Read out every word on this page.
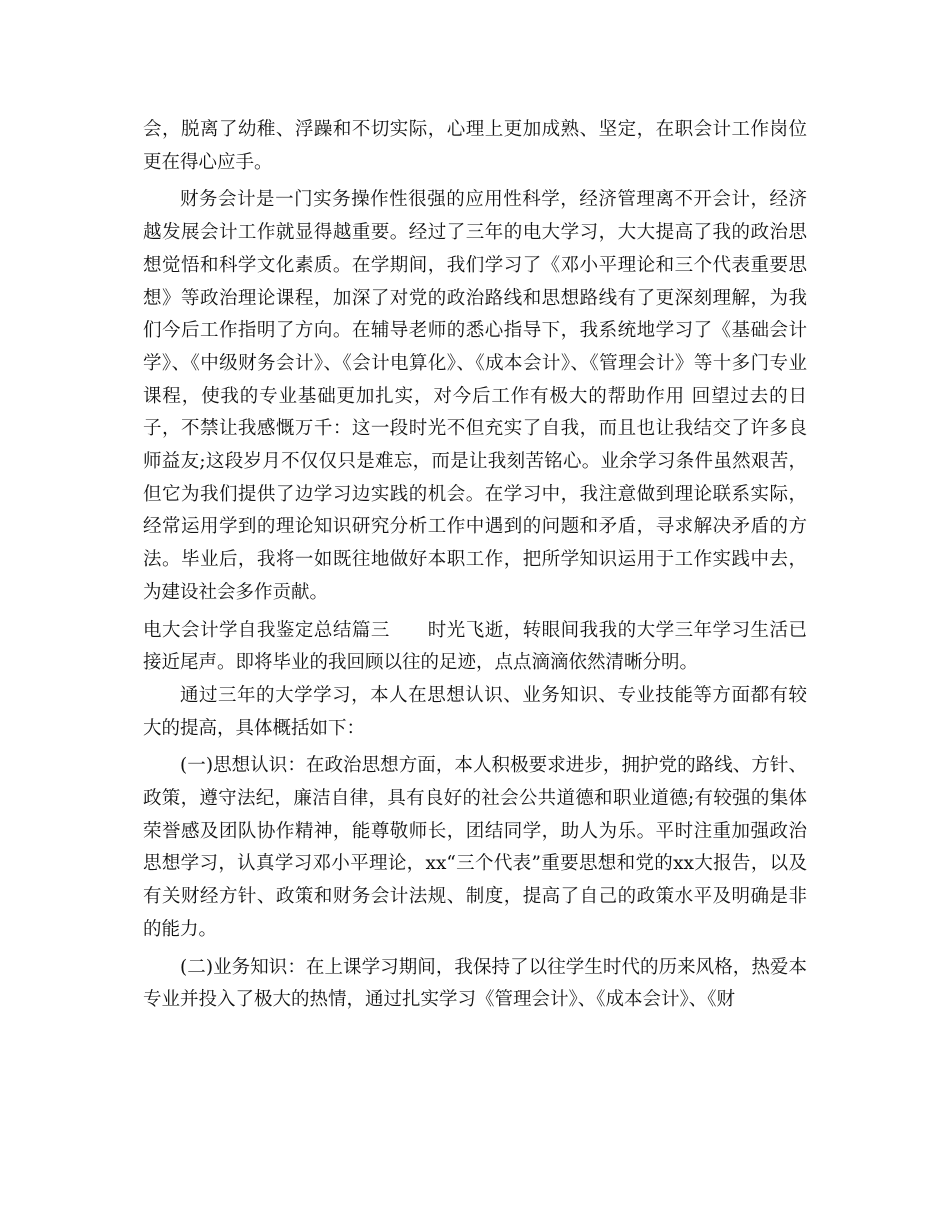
会，脱离了幼稚、浮躁和不切实际，心理上更加成熟、坚定，在职会计工作岗位更在得心应手。

财务会计是一门实务操作性很强的应用性科学，经济管理离不开会计，经济越发展会计工作就显得越重要。经过了三年的电大学习，大大提高了我的政治思想觉悟和科学文化素质。在学期间，我们学习了《邓小平理论和三个代表重要思想》等政治理论课程，加深了对党的政治路线和思想路线有了更深刻理解，为我们今后工作指明了方向。在辅导老师的悉心指导下，我系统地学习了《基础会计学》、《中级财务会计》、《会计电算化》、《成本会计》、《管理会计》等十多门专业课程，使我的专业基础更加扎实，对今后工作有极大的帮助作用 回望过去的日子，不禁让我感慨万千：这一段时光不但充实了自我，而且也让我结交了许多良师益友;这段岁月不仅仅只是难忘，而是让我刻苦铭心。业余学习条件虽然艰苦，但它为我们提供了边学习边实践的机会。在学习中，我注意做到理论联系实际，经常运用学到的理论知识研究分析工作中遇到的问题和矛盾，寻求解决矛盾的方法。毕业后，我将一如既往地做好本职工作，把所学知识运用于工作实践中去，为建设社会多作贡献。

电大会计学自我鉴定总结篇三　　时光飞逝，转眼间我我的大学三年学习生活已接近尾声。即将毕业的我回顾以往的足迹，点点滴滴依然清晰分明。

通过三年的大学学习，本人在思想认识、业务知识、专业技能等方面都有较大的提高，具体概括如下：

(一)思想认识：在政治思想方面，本人积极要求进步，拥护党的路线、方针、政策，遵守法纪，廉洁自律，具有良好的社会公共道德和职业道德;有较强的集体荣誉感及团队协作精神，能尊敬师长，团结同学，助人为乐。平时注重加强政治思想学习，认真学习邓小平理论，xx“三个代表”重要思想和党的xx大报告，以及有关财经方针、政策和财务会计法规、制度，提高了自己的政策水平及明确是非的能力。

(二)业务知识：在上课学习期间，我保持了以往学生时代的历来风格，热爱本专业并投入了极大的热情，通过扎实学习《管理会计》、《成本会计》、《财
